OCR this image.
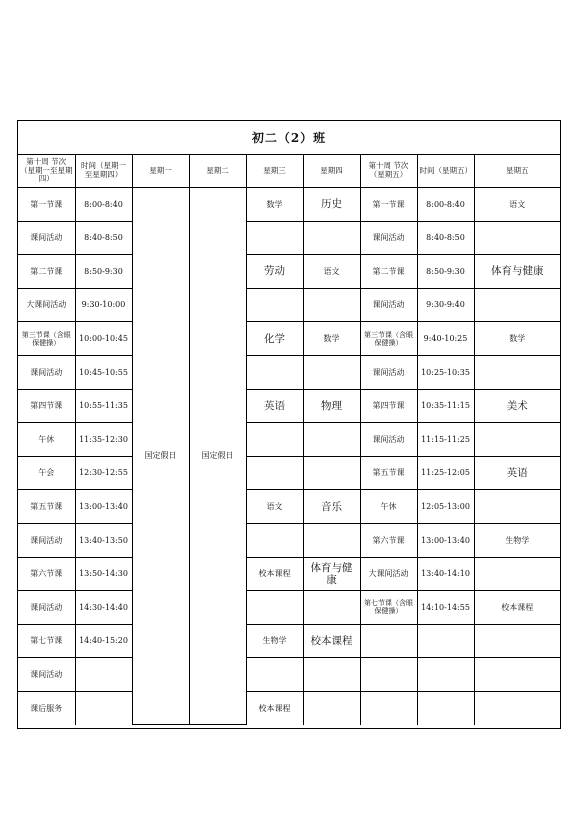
初二（2）班
第十周 节次（星期一至星期四）	时间（星期一至星期四）	星期一	星期二	星期三	星期四	第十周 节次（星期五）	时间（星期五）	星期五
第一节课	8:00-8:40	国定假日	国定假日	数学	历史	第一节课	8:00-8:40	语文
课间活动	8:40-8:50					课间活动	8:40-8:50	
第二节课	8:50-9:30			劳动	语文	第二节课	8:50-9:30	体育与健康
大课间活动	9:30-10:00					课间活动	9:30-9:40	
第三节课（含眼保健操）	10:00-10:45			化学	数学	第三节课（含眼保健操）	9:40-10:25	数学
课间活动	10:45-10:55					课间活动	10:25-10:35	
第四节课	10:55-11:35			英语	物理	第四节课	10:35-11:15	美术
午休	11:35-12:30					课间活动	11:15-11:25	
午会	12:30-12:55					第五节课	11:25-12:05	英语
第五节课	13:00-13:40			语文	音乐	午休	12:05-13:00	
课间活动	13:40-13:50					第六节课	13:00-13:40	生物学
第六节课	13:50-14:30			校本课程	体育与健康	大课间活动	13:40-14:10	
课间活动	14:30-14:40					第七节课（含眼保健操）	14:10-14:55	校本课程
第七节课	14:40-15:20			生物学	校本课程			
课间活动								
课后服务				校本课程				
